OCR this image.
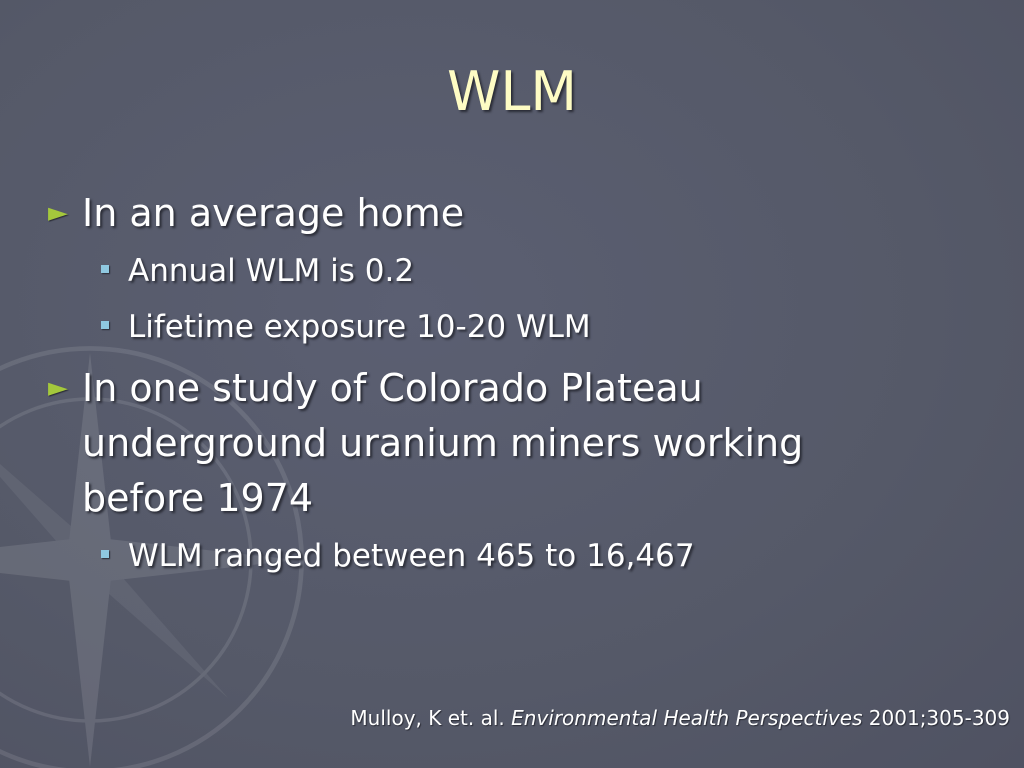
WLM
► In an average home
Annual WLM is 0.2
Lifetime exposure 10-20 WLM
► In one study of Colorado Plateau
underground uranium miners working
before 1974
WLM ranged between 465 to 16,467
Mulloy, K et. al. Environmental Health Perspectives 2001;305-309
